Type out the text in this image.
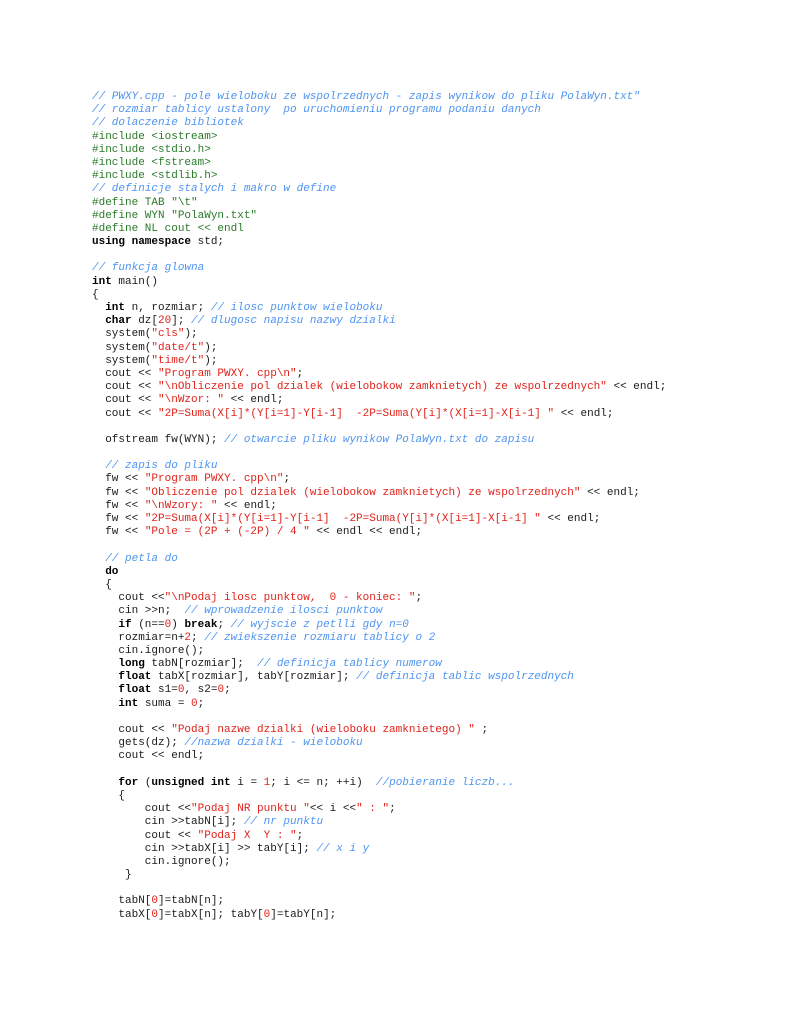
// PWXY.cpp - pole wieloboku ze wspolrzednych - zapis wynikow do pliku PolaWyn.txt"
// rozmiar tablicy ustalony  po uruchomieniu programu podaniu danych
// dolaczenie bibliotek
#include <iostream>
#include <stdio.h>
#include <fstream>
#include <stdlib.h>
// definicje stalych i makro w define
#define TAB "\t"
#define WYN "PolaWyn.txt"
#define NL cout << endl
using namespace std;
// funkcja glowna
int main()
{
int n, rozmiar; // ilosc punktow wieloboku
char dz[20]; // dlugosc napisu nazwy dzialki
system("cls");
system("date/t");
system("time/t");
cout << "Program PWXY. cpp\n";
cout << "\nObliczenie pol dzialek (wielobokow zamknietych) ze wspolrzednych" << endl;
cout << "\nWzor: " << endl;
cout << "2P=Suma(X[i]*(Y[i=1]-Y[i-1]  -2P=Suma(Y[i]*(X[i=1]-X[i-1] " << endl;
ofstream fw(WYN); // otwarcie pliku wynikow PolaWyn.txt do zapisu
// zapis do pliku
fw << "Program PWXY. cpp\n";
fw << "Obliczenie pol dzialek (wielobokow zamknietych) ze wspolrzednych" << endl;
fw << "\nWzory: " << endl;
fw << "2P=Suma(X[i]*(Y[i=1]-Y[i-1]  -2P=Suma(Y[i]*(X[i=1]-X[i-1] " << endl;
fw << "Pole = (2P + (-2P) / 4 " << endl << endl;
// petla do
do
{
cout <<"\nPodaj ilosc punktow,  0 - koniec: ";
cin >>n;  // wprowadzenie ilosci punktow
if (n==0) break; // wyjscie z petlli gdy n=0
rozmiar=n+2; // zwiekszenie rozmiaru tablicy o 2
cin.ignore();
long tabN[rozmiar];  // definicja tablicy numerow
float tabX[rozmiar], tabY[rozmiar]; // definicja tablic wspolrzednych
float s1=0, s2=0;
int suma = 0;
cout << "Podaj nazwe dzialki (wieloboku zamknietego) " ;
gets(dz); //nazwa dzialki - wieloboku
cout << endl;
for (unsigned int i = 1; i <= n; ++i)  //pobieranie liczb...
{
cout <<"Podaj NR punktu "<< i <<" : ";
cin >>tabN[i]; // nr punktu
cout << "Podaj X  Y : ";
cin >>tabX[i] >> tabY[i]; // x i y
cin.ignore();
}
tabN[0]=tabN[n];
tabX[0]=tabX[n]; tabY[0]=tabY[n];
